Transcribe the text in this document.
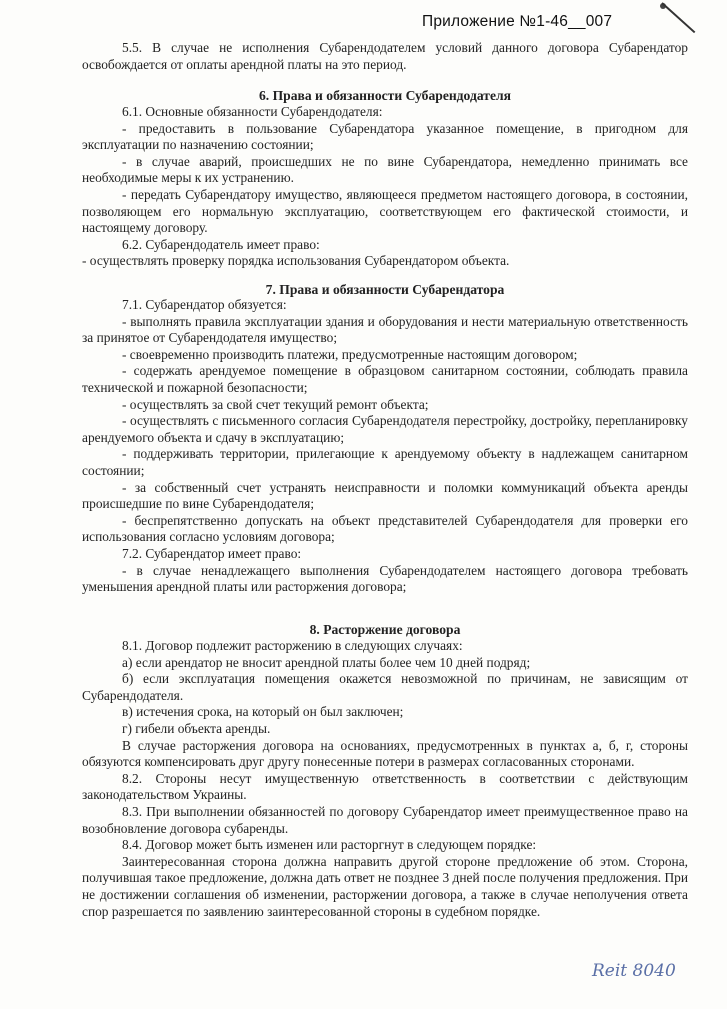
Приложение №1-46__007

5.5. В случае не исполнения Субарендодателем условий данного договора Субарендатор освобождается от оплаты арендной платы на это период.

6. Права и обязанности Субарендодателя

6.1. Основные обязанности Субарендодателя:

- предоставить в пользование Субарендатора указанное помещение, в пригодном для эксплуатации по назначению состоянии;

- в случае аварий, происшедших не по вине Субарендатора, немедленно принимать все необходимые меры к их устранению.

- передать Субарендатору имущество, являющееся предметом настоящего договора, в состоянии, позволяющем его нормальную эксплуатацию, соответствующем его фактической стоимости, и настоящему договору.

6.2. Субарендодатель имеет право:

- осуществлять проверку порядка использования Субарендатором объекта.

7. Права и обязанности Субарендатора

7.1. Субарендатор обязуется:

- выполнять правила эксплуатации здания и оборудования и нести материальную ответственность за принятое от Субарендодателя имущество;

- своевременно производить платежи, предусмотренные настоящим договором;

- содержать арендуемое помещение в образцовом санитарном состоянии, соблюдать правила технической и пожарной безопасности;

- осуществлять за свой счет текущий ремонт объекта;

- осуществлять с письменного согласия Субарендодателя перестройку, достройку, перепланировку арендуемого объекта и сдачу в эксплуатацию;

- поддерживать территории, прилегающие к арендуемому объекту в надлежащем санитарном состоянии;

- за собственный счет устранять неисправности и поломки коммуникаций объекта аренды происшедшие по вине Субарендодателя;

- беспрепятственно допускать на объект представителей Субарендодателя для проверки его использования согласно условиям договора;

7.2. Субарендатор имеет право:

- в случае ненадлежащего выполнения Субарендодателем настоящего договора требовать уменьшения арендной платы или расторжения договора;

8. Расторжение договора

8.1. Договор подлежит расторжению в следующих случаях:

а) если арендатор не вносит арендной платы более чем 10 дней подряд;

б) если эксплуатация помещения окажется невозможной по причинам, не зависящим от Субарендодателя.

в) истечения срока, на который он был заключен;

г) гибели объекта аренды.

В случае расторжения договора на основаниях, предусмотренных в пунктах а, б, г, стороны обязуются компенсировать друг другу понесенные потери в размерах согласованных сторонами.

8.2. Стороны несут имущественную ответственность в соответствии с действующим законодательством Украины.

8.3. При выполнении обязанностей по договору Субарендатор имеет преимущественное право на возобновление договора субаренды.

8.4. Договор может быть изменен или расторгнут в следующем порядке:

Заинтересованная сторона должна направить другой стороне предложение об этом. Сторона, получившая такое предложение, должна дать ответ не позднее 3 дней после получения предложения. При не достижении соглашения об изменении, расторжении договора, а также в случае неполучения ответа спор разрешается по заявлению заинтересованной стороны в судебном порядке.

Reit 8040
